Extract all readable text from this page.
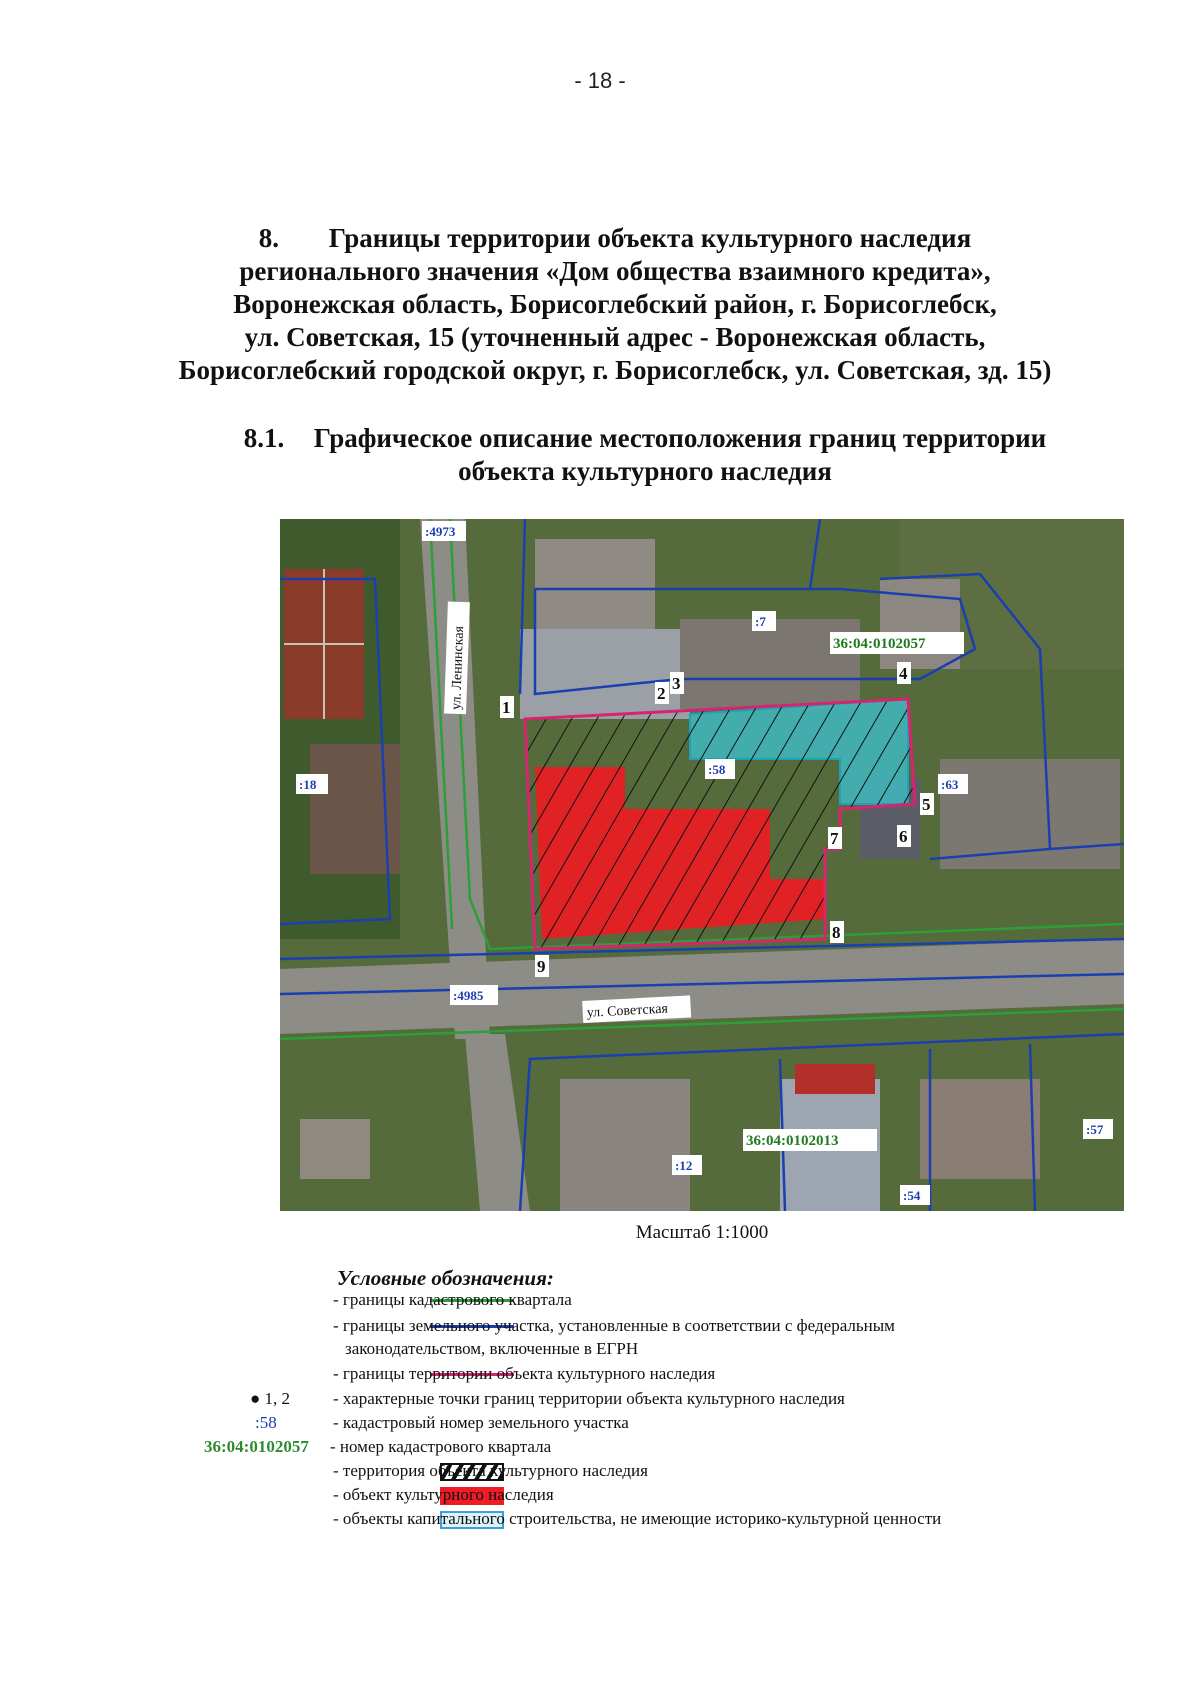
- 18 -
8. Границы территории объекта культурного наследия
регионального значения «Дом общества взаимного кредита»,
Воронежская область, Борисоглебский район, г. Борисоглебск,
ул. Советская, 15 (уточненный адрес - Воронежская область,
Борисоглебский городской округ, г. Борисоглебск, ул. Советская, зд. 15)
8.1. Графическое описание местоположения границ территории
объекта культурного наследия
1
2
3
4
5
6
7
8
9
:4973
:7
:18
:58
:63
:4985
:12
:54
:57
36:04:0102057
36:04:0102013
ул. Ленинская
ул. Советская
Масштаб 1:1000
Условные обозначения:
- границы кадастрового квартала
- границы земельного участка, установленные в соответствии с федеральным
законодательством, включенные в ЕГРН
- границы территории объекта культурного наследия
● 1, 2	- характерные точки границ территории объекта культурного наследия
:58	- кадастровый номер земельного участка
36:04:0102057 - номер кадастрового квартала
- территория объекта культурного наследия
- объект культурного наследия
- объекты капитального строительства, не имеющие историко-культурной ценности
